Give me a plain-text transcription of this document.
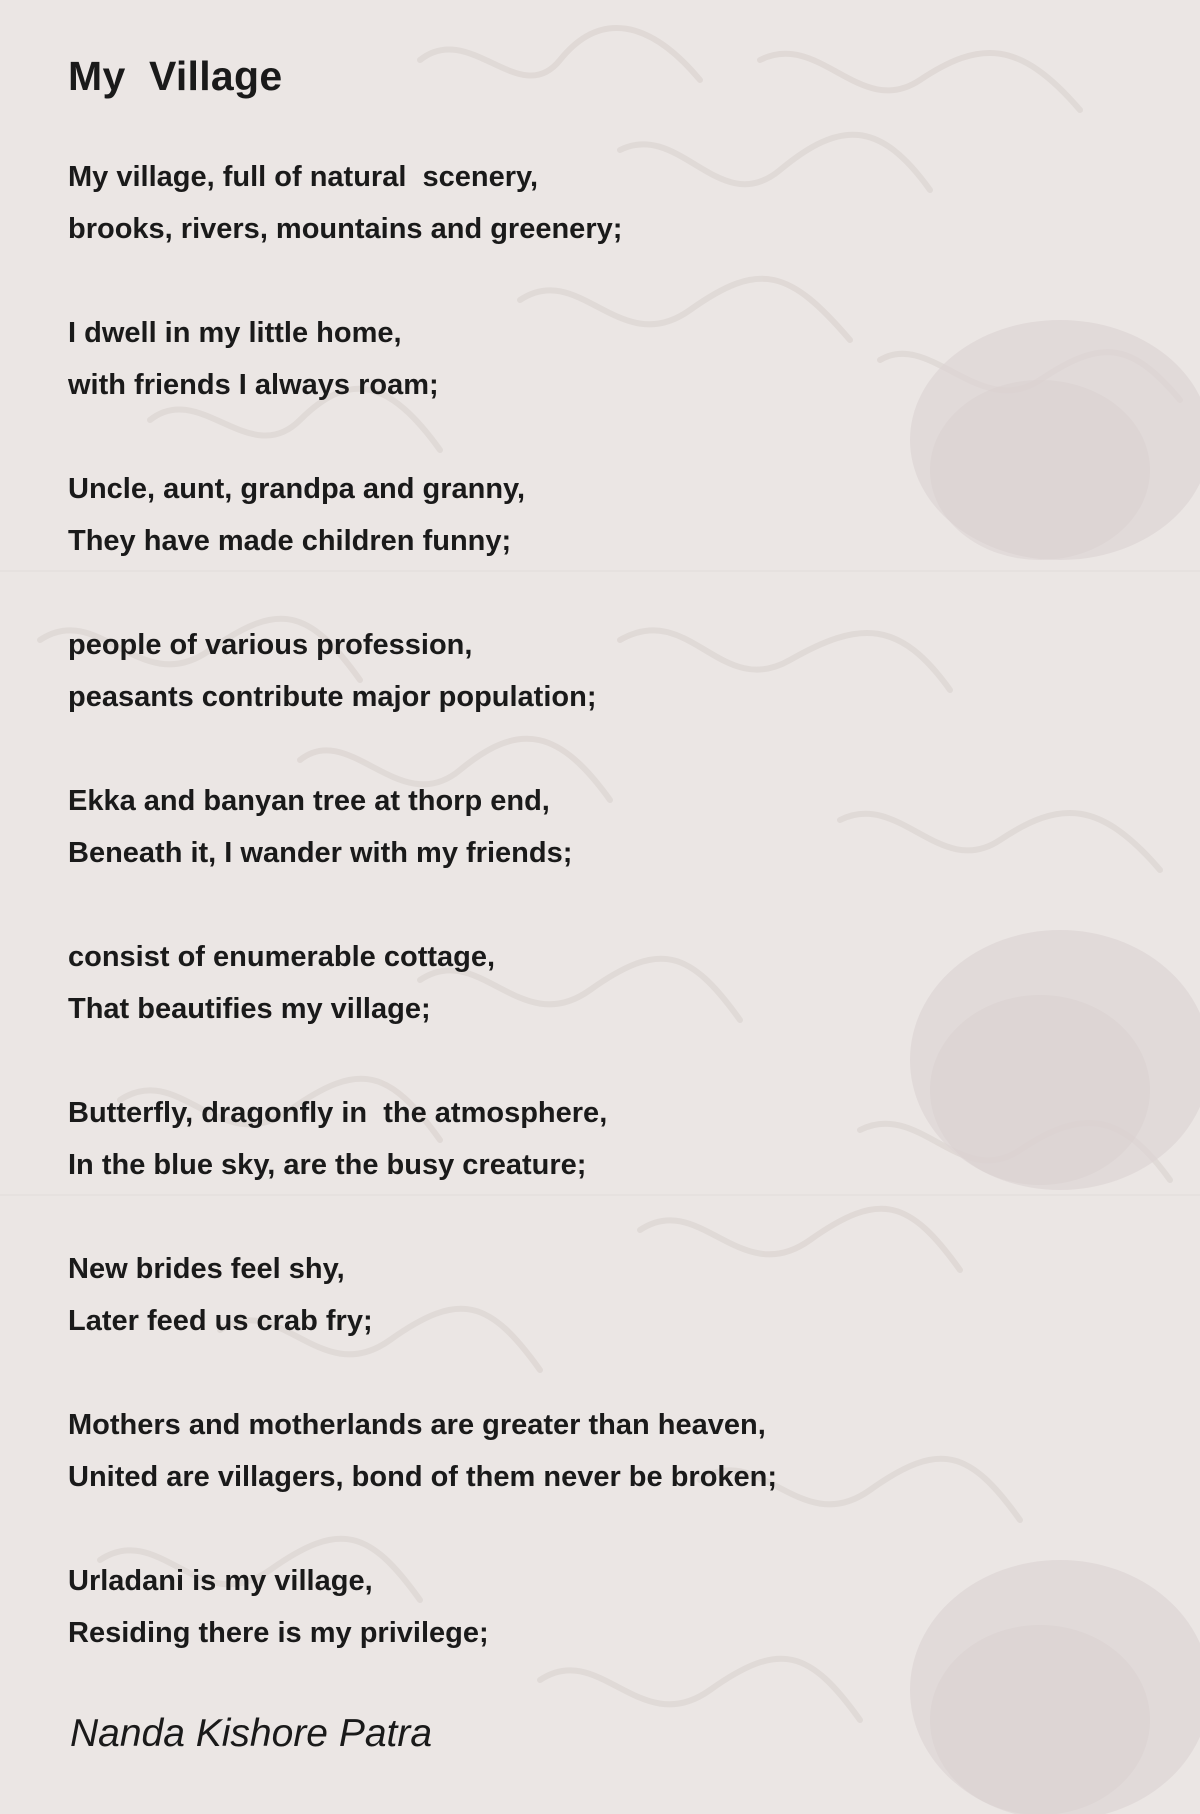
My  Village
My village, full of natural  scenery,
brooks, rivers, mountains and greenery;
I dwell in my little home,
with friends I always roam;
Uncle, aunt, grandpa and granny,
They have made children funny;
people of various profession,
peasants contribute major population;
Ekka and banyan tree at thorp end,
Beneath it, I wander with my friends;
consist of enumerable cottage,
That beautifies my village;
Butterfly, dragonfly in  the atmosphere,
In the blue sky, are the busy creature;
New brides feel shy,
Later feed us crab fry;
Mothers and motherlands are greater than heaven,
United are villagers, bond of them never be broken;
Urladani is my village,
Residing there is my privilege;

Nanda Kishore Patra
